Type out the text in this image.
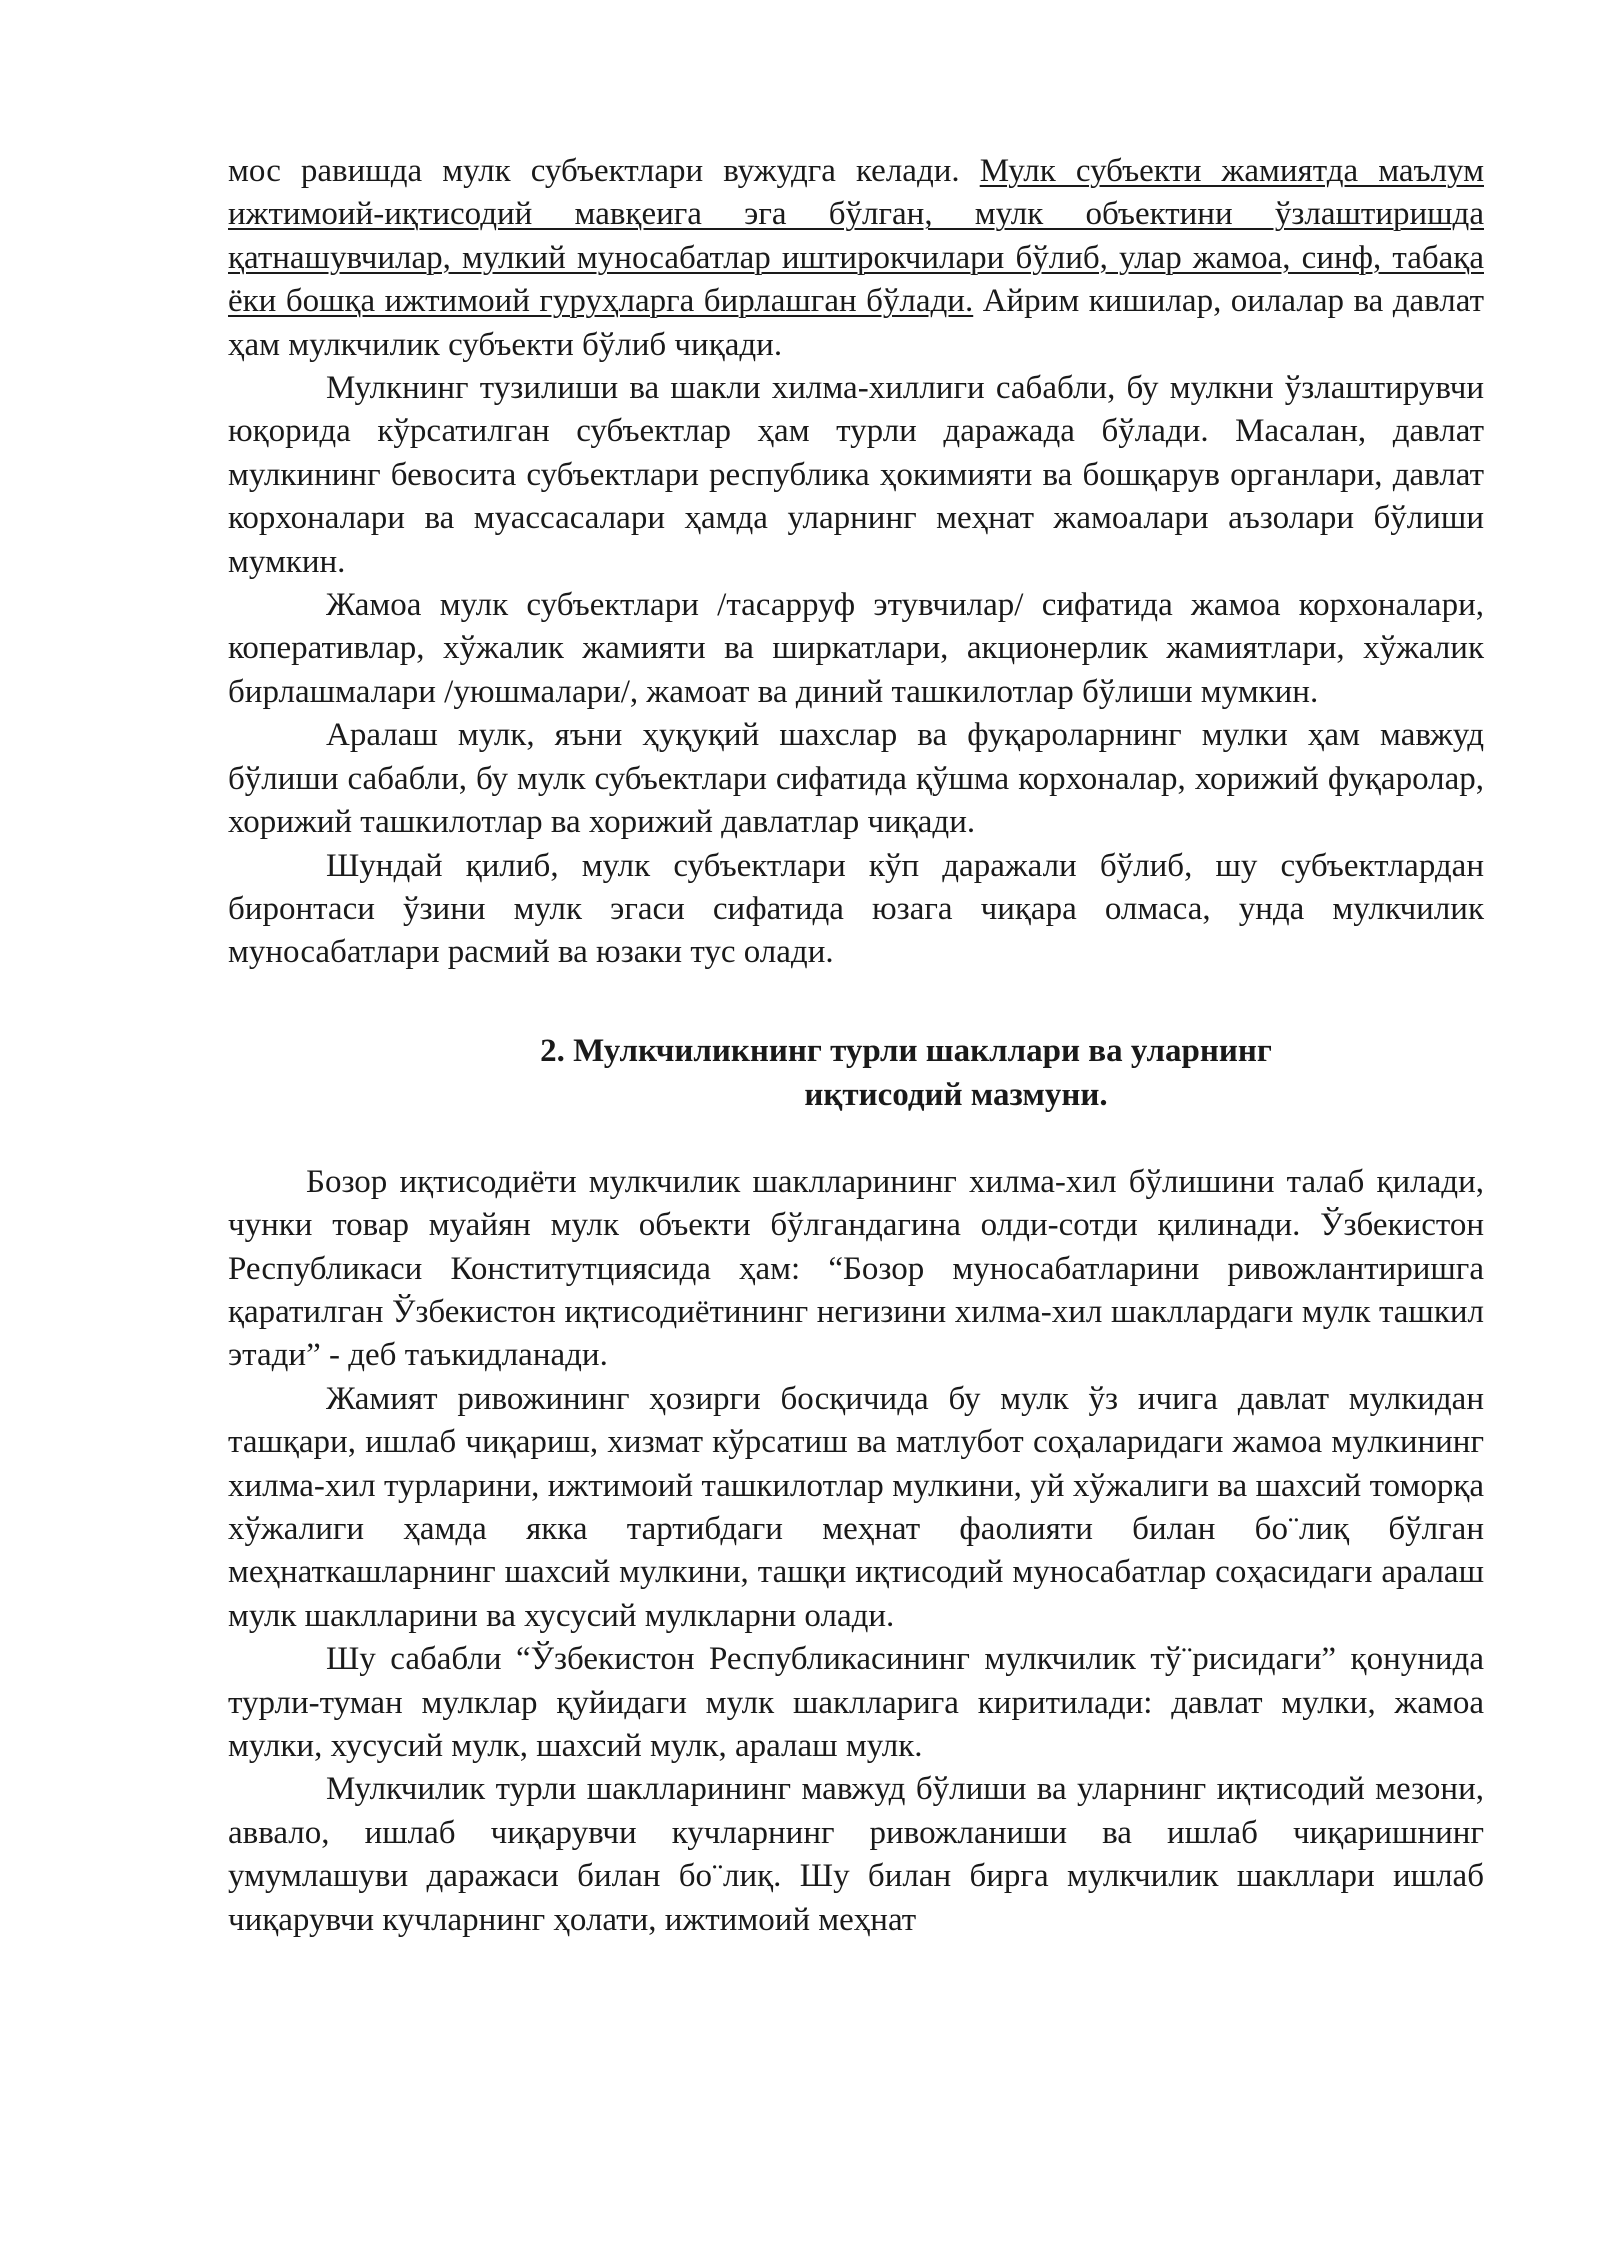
мос равишда мулк субъектлари вужудга келади. Мулк субъекти жамиятда маълум ижтимоий-иқтисодий мавқеига эга бўлган, мулк объектини ўзлаштиришда қатнашувчилар, мулкий муносабатлар иштирокчилари бўлиб, улар жамоа, синф, табақа ёки бошқа ижтимоий гуруҳларга бирлашган бўлади. Айрим кишилар, оилалар ва давлат ҳам мулкчилик субъекти бўлиб чиқади.

Мулкнинг тузилиши ва шакли хилма-хиллиги сабабли, бу мулкни ўзлаштирувчи юқорида кўрсатилган субъектлар ҳам турли даражада бўлади. Масалан, давлат мулкининг бевосита субъектлари республика ҳокимияти ва бошқарув органлари, давлат корхоналари ва муассасалари ҳамда уларнинг меҳнат жамоалари аъзолари бўлиши мумкин.

Жамоа мулк субъектлари /тасарруф этувчилар/ сифатида жамоа корхоналари, копeративлар, хўжалик жамияти ва ширкатлари, акционерлик жамиятлари, хўжалик бирлашмалари /уюшмалари/, жамоат ва диний ташкилотлар бўлиши мумкин.

Аралаш мулк, яъни ҳуқуқий шахслар ва фуқароларнинг мулки ҳам мавжуд бўлиши сабабли, бу мулк субъектлари сифатида қўшма корхоналар, хорижий фуқаролар, хорижий ташкилотлар ва хорижий давлатлар чиқади.

Шундай қилиб, мулк субъектлари кўп даражали бўлиб, шу субъектлардан биронтаси ўзини мулк эгаси сифатида юзага чиқара олмаса, унда мулкчилик муносабатлари расмий ва юзаки тус олади.

2. Мулкчиликнинг турли шакллари ва уларнинг
иқтисодий мазмуни.

Бозор иқтисодиёти мулкчилик шаклларининг хилма-хил бўлишини талаб қилади, чунки товар муайян мулк объекти бўлгандагина олди-сотди қилинади. Ўзбекистон Республикаси Конститутциясида ҳам: “Бозор муносабатларини ривожлантиришга қаратилган Ўзбекистон иқтисодиётининг негизини хилма-хил шакллардаги мулк ташкил этади” - деб таъкидланади.

Жамият ривожининг ҳозирги босқичида бу мулк ўз ичига давлат мулкидан ташқари, ишлаб чиқариш, хизмат кўрсатиш ва матлубот соҳаларидаги жамоа мулкининг хилма-хил турларини, ижтимоий ташкилотлар мулкини, уй хўжалиги ва шахсий томорқа хўжалиги ҳамда якка тартибдаги меҳнат фаолияти билан бо¨лиқ бўлган меҳнаткашларнинг шахсий мулкини, ташқи иқтисодий муносабатлар соҳасидаги аралаш мулк шаклларини ва хусусий мулкларни олади.

Шу сабабли “Ўзбекистон Республикасининг мулкчилик тў¨рисидаги” қонунида турли-туман мулклар қуйидаги мулк шаклларига киритилади: давлат мулки, жамоа мулки, хусусий мулк, шахсий мулк, аралаш мулк.

Мулкчилик турли шаклларининг мавжуд бўлиши ва уларнинг иқтисодий мезони, аввало, ишлаб чиқарувчи кучларнинг ривожланиши ва ишлаб чиқаришнинг умумлашуви даражаси билан бо¨лиқ. Шу билан бирга мулкчилик шакллари ишлаб чиқарувчи кучларнинг ҳолати, ижтимоий меҳнат
